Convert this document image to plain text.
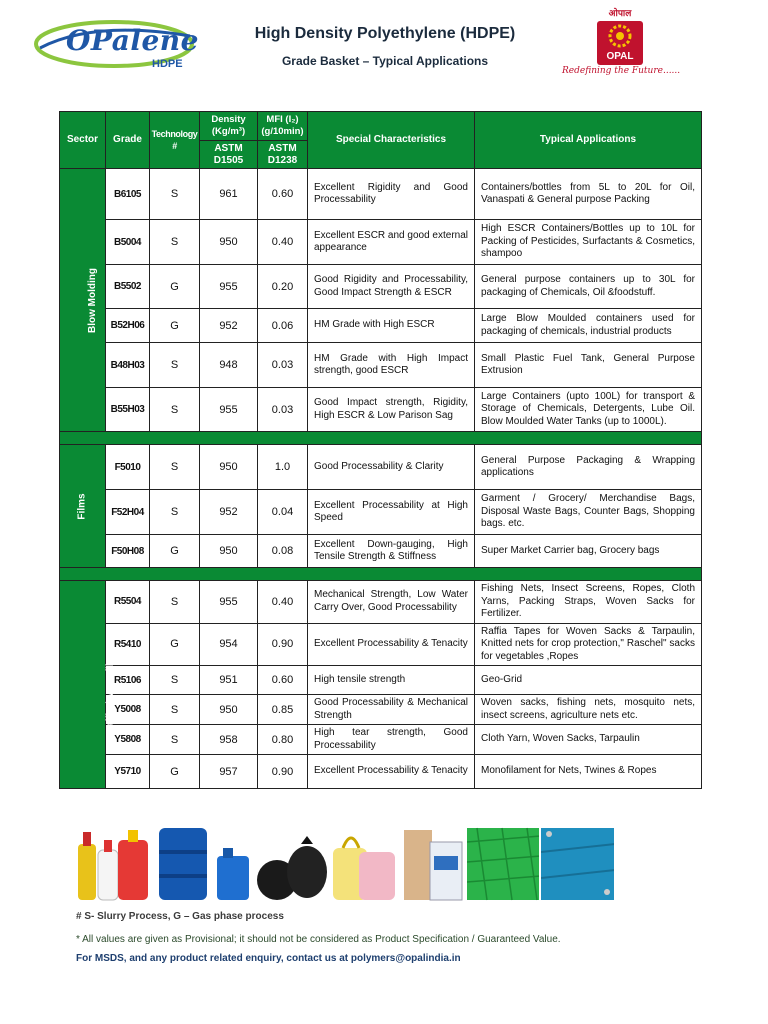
OPalene
HDPE
High Density Polyethylene (HDPE)
Grade Basket – Typical Applications
ओपाल
OPAL
Redefining the Future......
Sector	Grade	Technology #	Density (Kg/m³)	MFI (I₂) (g/10min)	Special Characteristics	Typical Applications
			ASTM D1505	ASTM D1238		
Blow Molding	B6105	S	961	0.60	Excellent Rigidity and Good Processability	Containers/bottles from 5L to 20L for Oil, Vanaspati & General purpose Packing
	B5004	S	950	0.40	Excellent ESCR and good external appearance	High ESCR Containers/Bottles up to 10L for Packing of Pesticides, Surfactants & Cosmetics, shampoo
	B5502	G	955	0.20	Good Rigidity and Processability, Good Impact Strength & ESCR	General purpose containers up to 30L for packaging of Chemicals, Oil &foodstuff.
	B52H06	G	952	0.06	HM Grade with High ESCR	Large Blow Moulded containers used for packaging of chemicals, industrial products
	B48H03	S	948	0.03	HM Grade with High Impact strength, good ESCR	Small Plastic Fuel Tank, General Purpose Extrusion
	B55H03	S	955	0.03	Good Impact strength, Rigidity, High ESCR & Low Parison Sag	Large Containers (upto 100L) for transport & Storage of Chemicals, Detergents, Lube Oil. Blow Moulded Water Tanks (up to 1000L).

Films	F5010	S	950	1.0	Good Processability & Clarity	General Purpose Packaging & Wrapping applications
	F52H04	S	952	0.04	Excellent Processability at High Speed	Garment / Grocery/ Merchandise Bags, Disposal Waste Bags, Counter Bags, Shopping bags. etc.
	F50H08	G	950	0.08	Excellent Down-gauging, High Tensile Strength & Stiffness	Super Market Carrier bag, Grocery bags

Raffia / Monofilament	R5504	S	955	0.40	Mechanical Strength, Low Water Carry Over, Good Processability	Fishing Nets, Insect Screens, Ropes, Cloth Yarns, Packing Straps, Woven Sacks for Fertilizer.
	R5410	G	954	0.90	Excellent Processability & Tenacity	Raffia Tapes for Woven Sacks & Tarpaulin, Knitted nets for crop protection," Raschel" sacks for vegetables ,Ropes
	R5106	S	951	0.60	High tensile strength	Geo-Grid
	Y5008	S	950	0.85	Good Processability & Mechanical Strength	Woven sacks, fishing nets, mosquito nets, insect screens, agriculture nets etc.
	Y5808	S	958	0.80	High tear strength, Good Processability	Cloth Yarn, Woven Sacks, Tarpaulin
	Y5710	G	957	0.90	Excellent Processability & Tenacity	Monofilament for Nets, Twines & Ropes
# S- Slurry Process, G – Gas phase process
* All values are given as Provisional; it should not be considered as Product Specification / Guaranteed Value.
For MSDS, and any product related enquiry, contact us at polymers@opalindia.in
